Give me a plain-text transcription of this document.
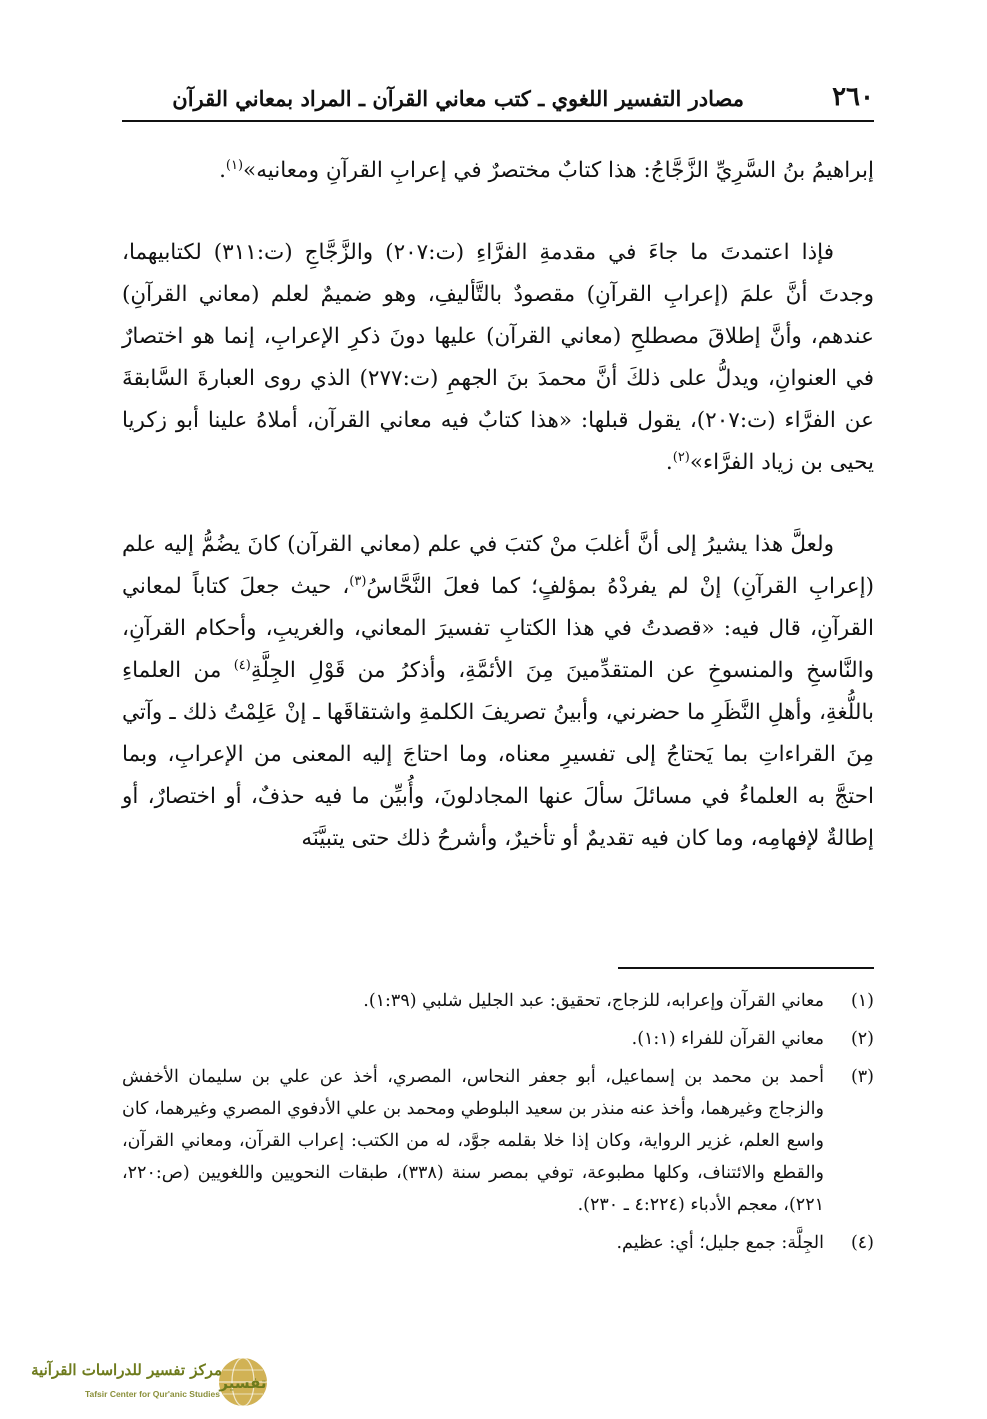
٢٦٠
مصادر التفسير اللغوي ـ كتب معاني القرآن ـ المراد بمعاني القرآن

إبراهيمُ بنُ السَّرِيِّ الزَّجَّاجُ: هذا كتابٌ مختصرٌ في إعرابِ القرآنِ ومعانيه»$^{(١)}$.

فإذا اعتمدتَ ما جاءَ في مقدمةِ الفرَّاءِ (ت:٢٠٧) والزَّجَّاجِ (ت:٣١١) لكتابيهما، وجدتَ أنَّ علمَ (إعرابِ القرآنِ) مقصودٌ بالتَّأليفِ، وهو ضميمٌ لعلم (معاني القرآنِ) عندهم، وأنَّ إطلاقَ مصطلحِ (معاني القرآن) عليها دونَ ذكرِ الإعرابِ، إنما هو اختصارٌ في العنوانِ، ويدلُّ على ذلكَ أنَّ محمدَ بنَ الجهمِ (ت:٢٧٧) الذي روى العبارةَ السَّابقةَ عن الفرَّاء (ت:٢٠٧)، يقول قبلها: «هذا كتابٌ فيه معاني القرآن، أملاهُ علينا أبو زكريا يحيى بن زياد الفرَّاء»$^{(٢)}$.

ولعلَّ هذا يشيرُ إلى أنَّ أغلبَ منْ كتبَ في علم (معاني القرآن) كانَ يضُمُّ إليه علم (إعرابِ القرآنِ) إنْ لم يفردْهُ بمؤلفٍ؛ كما فعلَ النَّحَّاسُ$^{(٣)}$، حيث جعلَ كتاباً لمعاني القرآنِ، قال فيه: «قصدتُ في هذا الكتابِ تفسيرَ المعاني، والغريبِ، وأحكام القرآنِ، والنَّاسخِ والمنسوخِ عن المتقدِّمينَ مِنَ الأئمَّةِ، وأذكرُ من قَوْلِ الجِلَّةِ$^{(٤)}$ من العلماءِ باللُّغةِ، وأهلِ النَّظَرِ ما حضرني، وأبينُ تصريفَ الكلمةِ واشتقاقَها ـ إنْ عَلِمْتُ ذلك ـ وآتي مِنَ القراءاتِ بما يَحتاجُ إلى تفسيرِ معناه، وما احتاجَ إليه المعنى من الإعرابِ، وبما احتجَّ به العلماءُ في مسائلَ سألَ عنها المجادلونَ، وأُبيِّن ما فيه حذفٌ، أو اختصارٌ، أو إطالةٌ لإفهامِه، وما كان فيه تقديمٌ أو تأخيرٌ، وأشرحُ ذلك حتى يتبيَّنَه

(١)
معاني القرآن وإعرابه، للزجاج، تحقيق: عبد الجليل شلبي (١:٣٩).
(٢)
معاني القرآن للفراء (١:١).
(٣)
أحمد بن محمد بن إسماعيل، أبو جعفر النحاس، المصري، أخذ عن علي بن سليمان الأخفش والزجاج وغيرهما، وأخذ عنه منذر بن سعيد البلوطي ومحمد بن علي الأدفوي المصري وغيرهما، كان واسع العلم، غزير الرواية، وكان إذا خلا بقلمه جوَّد، له من الكتب: إعراب القرآن، ومعاني القرآن، والقطع والائتناف، وكلها مطبوعة، توفي بمصر سنة (٣٣٨)، طبقات النحويين واللغويين (ص:٢٢٠، ٢٢١)، معجم الأدباء (٤:٢٢٤ ـ ٢٣٠).
(٤)
الجِلَّة: جمع جليل؛ أي: عظيم.
تفسير
مركز تفسير للدراسات القرآنية
Tafsir Center for Qur'anic Studies
